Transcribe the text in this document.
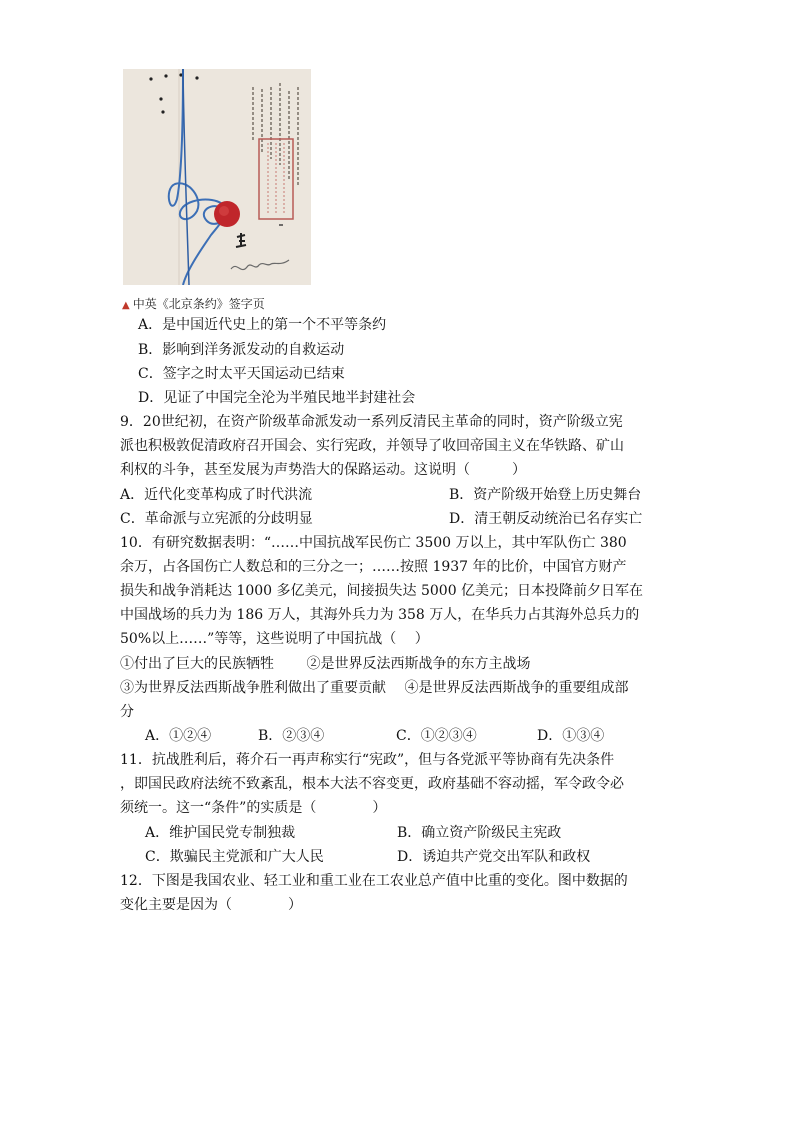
▲ 中英《北京条约》签字页
A．是中国近代史上的第一个不平等条约
B．影响到洋务派发动的自救运动
C．签字之时太平天国运动已结束
D．见证了中国完全沦为半殖民地半封建社会
9．20世纪初，在资产阶级革命派发动一系列反清民主革命的同时，资产阶级立宪
派也积极敦促清政府召开国会、实行宪政，并领导了收回帝国主义在华铁路、矿山
利权的斗争，甚至发展为声势浩大的保路运动。这说明（　　　）
A．近代化变革构成了时代洪流	B．资产阶级开始登上历史舞台
C．革命派与立宪派的分歧明显	D．清王朝反动统治已名存实亡
10．有研究数据表明：“……中国抗战军民伤亡 3500 万以上，其中军队伤亡 380
余万，占各国伤亡人数总和的三分之一；……按照 1937 年的比价，中国官方财产
损失和战争消耗达 1000 多亿美元，间接损失达 5000 亿美元；日本投降前夕日军在
中国战场的兵力为 186 万人，其海外兵力为 358 万人，在华兵力占其海外总兵力的
50%以上……”等等，这些说明了中国抗战（　 ）
①付出了巨大的民族牺牲　　 ②是世界反法西斯战争的东方主战场
③为世界反法西斯战争胜利做出了重要贡献　 ④是世界反法西斯战争的重要组成部
分
A．①②④	B．②③④	C．①②③④	D．①③④
11．抗战胜利后，蒋介石一再声称实行“宪政”，但与各党派平等协商有先决条件
，即国民政府法统不致紊乱，根本大法不容变更，政府基础不容动摇，军令政令必
须统一。这一“条件”的实质是（　　　　）
A．维护国民党专制独裁	B．确立资产阶级民主宪政
C．欺骗民主党派和广大人民	D．诱迫共产党交出军队和政权
12．下图是我国农业、轻工业和重工业在工农业总产值中比重的变化。图中数据的
变化主要是因为（　　　　）
